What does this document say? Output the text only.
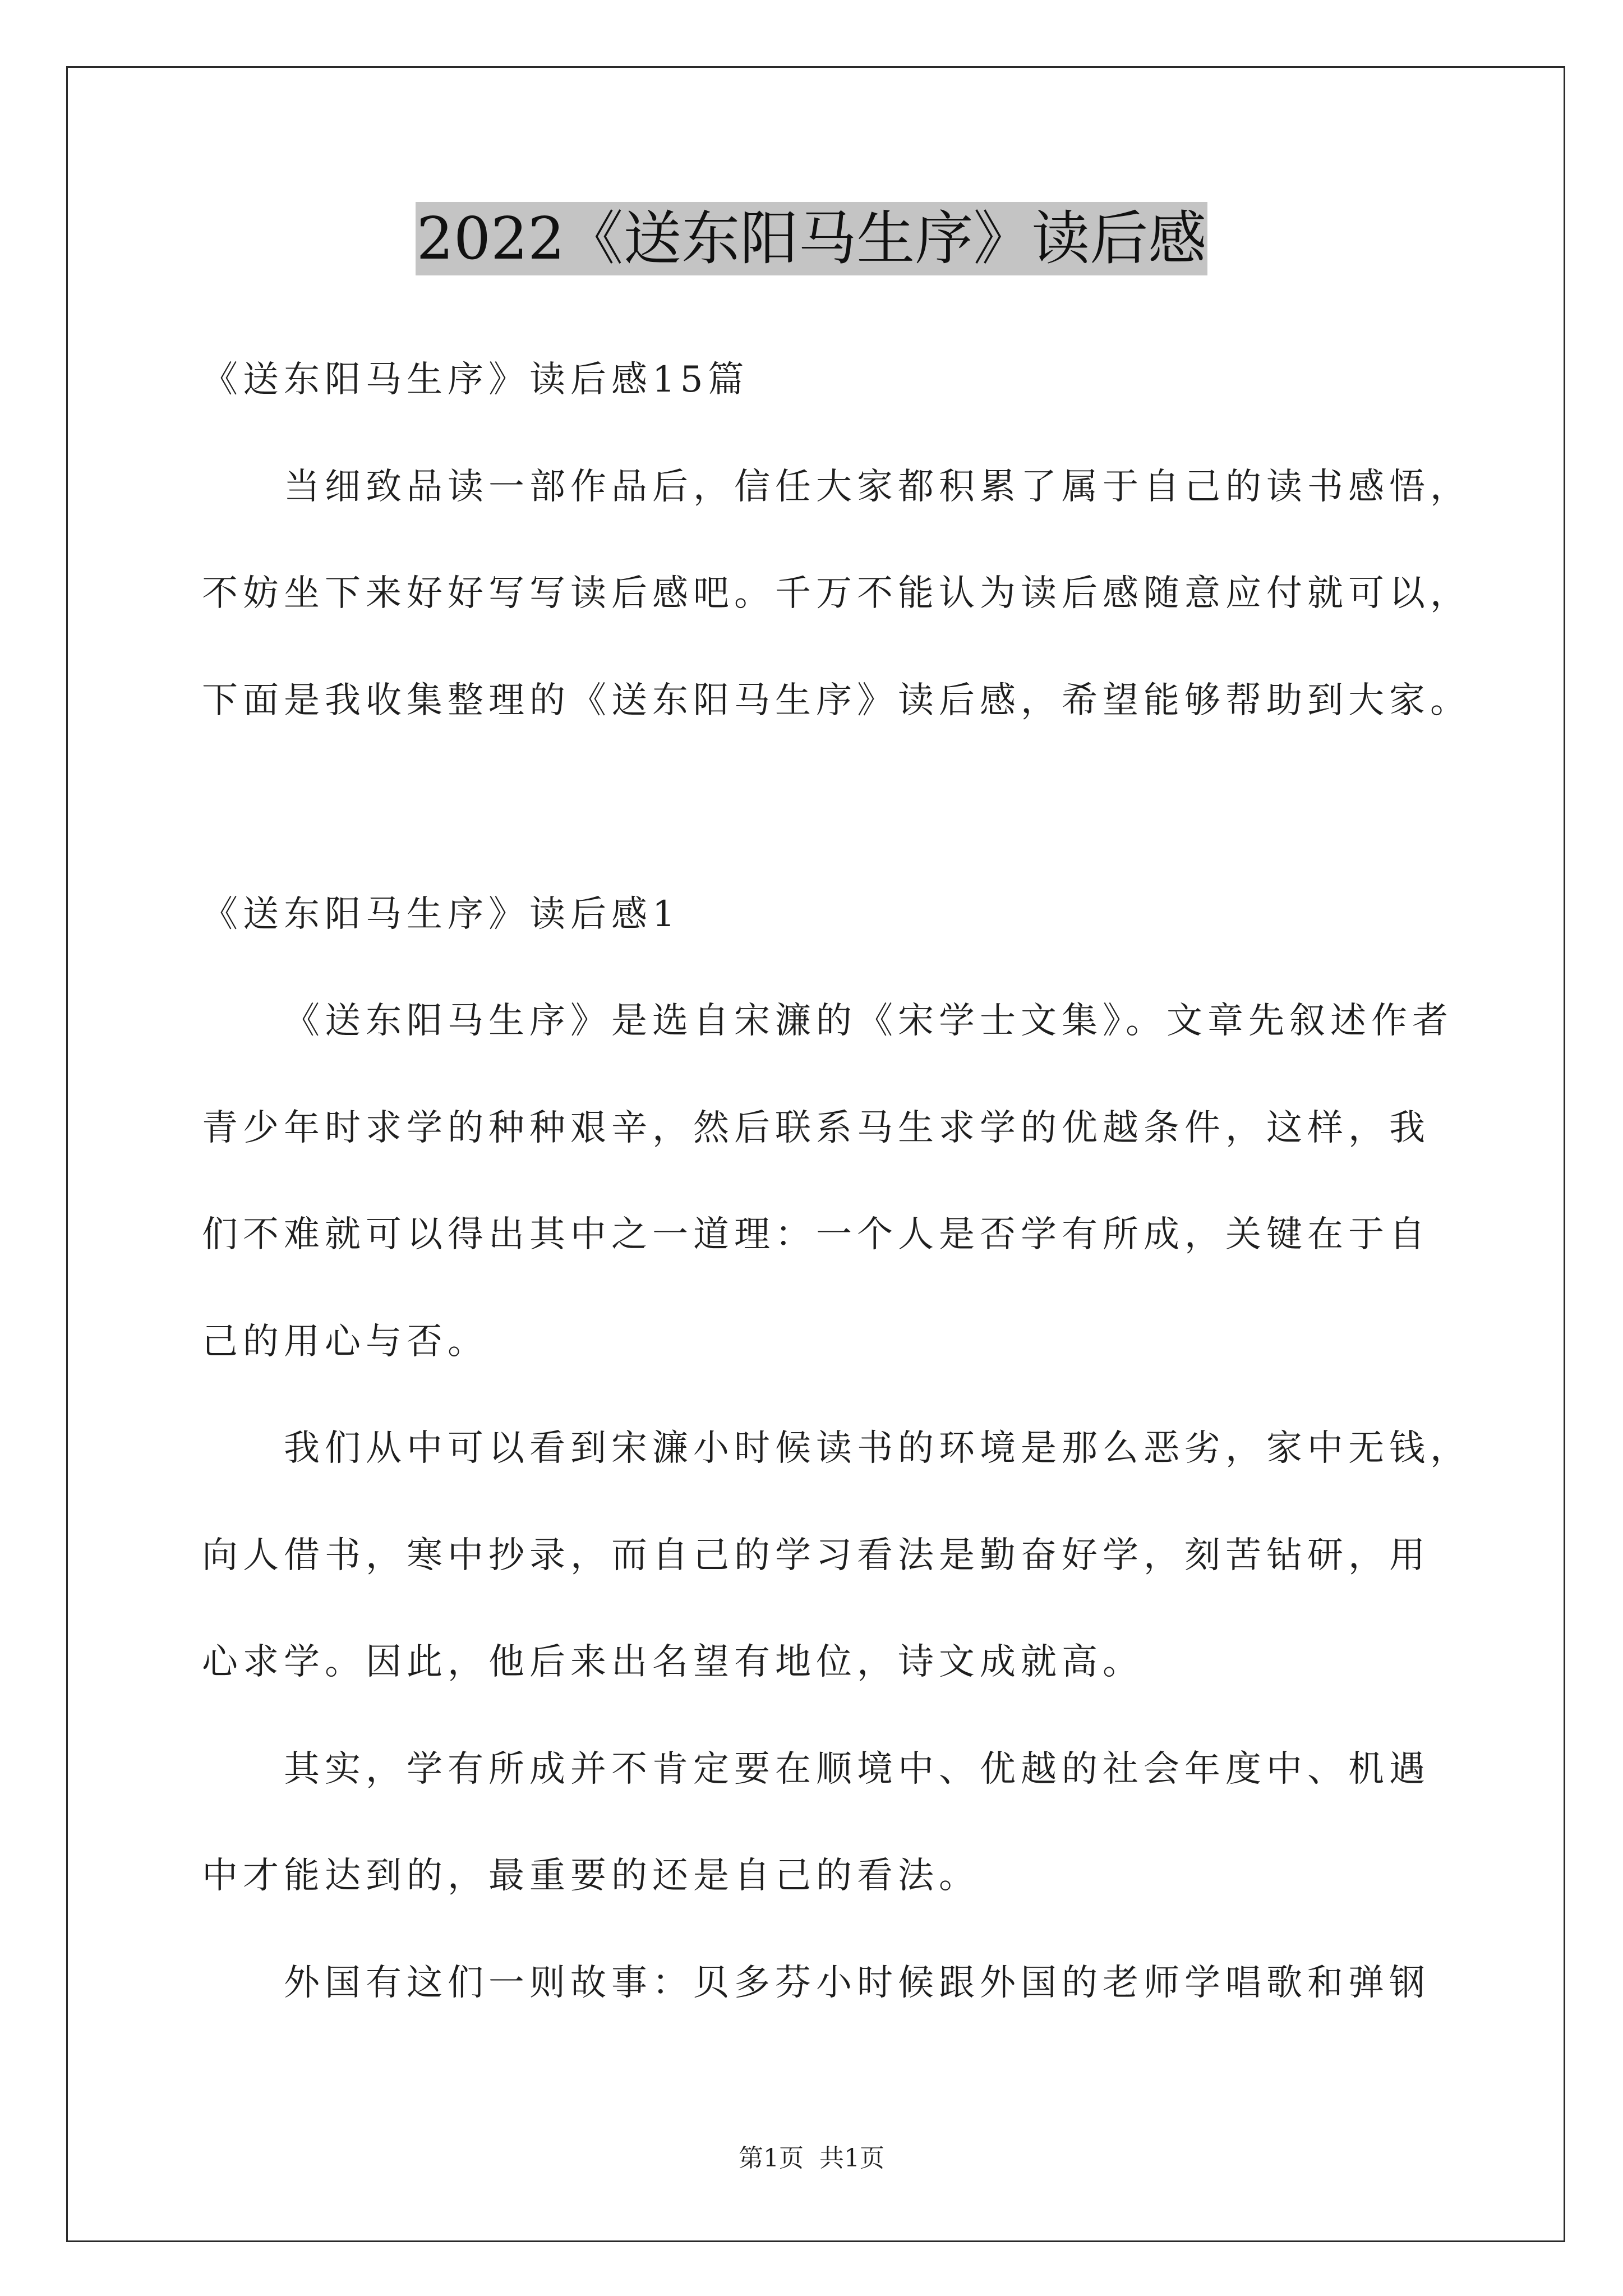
2022《送东阳马生序》读后感
《送东阳马生序》读后感15篇
当细致品读一部作品后，信任大家都积累了属于自己的读书感悟，
不妨坐下来好好写写读后感吧。千万不能认为读后感随意应付就可以，
下面是我收集整理的《送东阳马生序》读后感，希望能够帮助到大家。
《送东阳马生序》读后感1
《送东阳马生序》是选自宋濂的《宋学士文集》。文章先叙述作者
青少年时求学的种种艰辛，然后联系马生求学的优越条件，这样，我
们不难就可以得出其中之一道理：一个人是否学有所成，关键在于自
己的用心与否。
我们从中可以看到宋濂小时候读书的环境是那么恶劣，家中无钱，
向人借书，寒中抄录，而自己的学习看法是勤奋好学，刻苦钻研，用
心求学。因此，他后来出名望有地位，诗文成就高。
其实，学有所成并不肯定要在顺境中、优越的社会年度中、机遇
中才能达到的，最重要的还是自己的看法。
外国有这们一则故事：贝多芬小时候跟外国的老师学唱歌和弹钢
第1页  共1页
